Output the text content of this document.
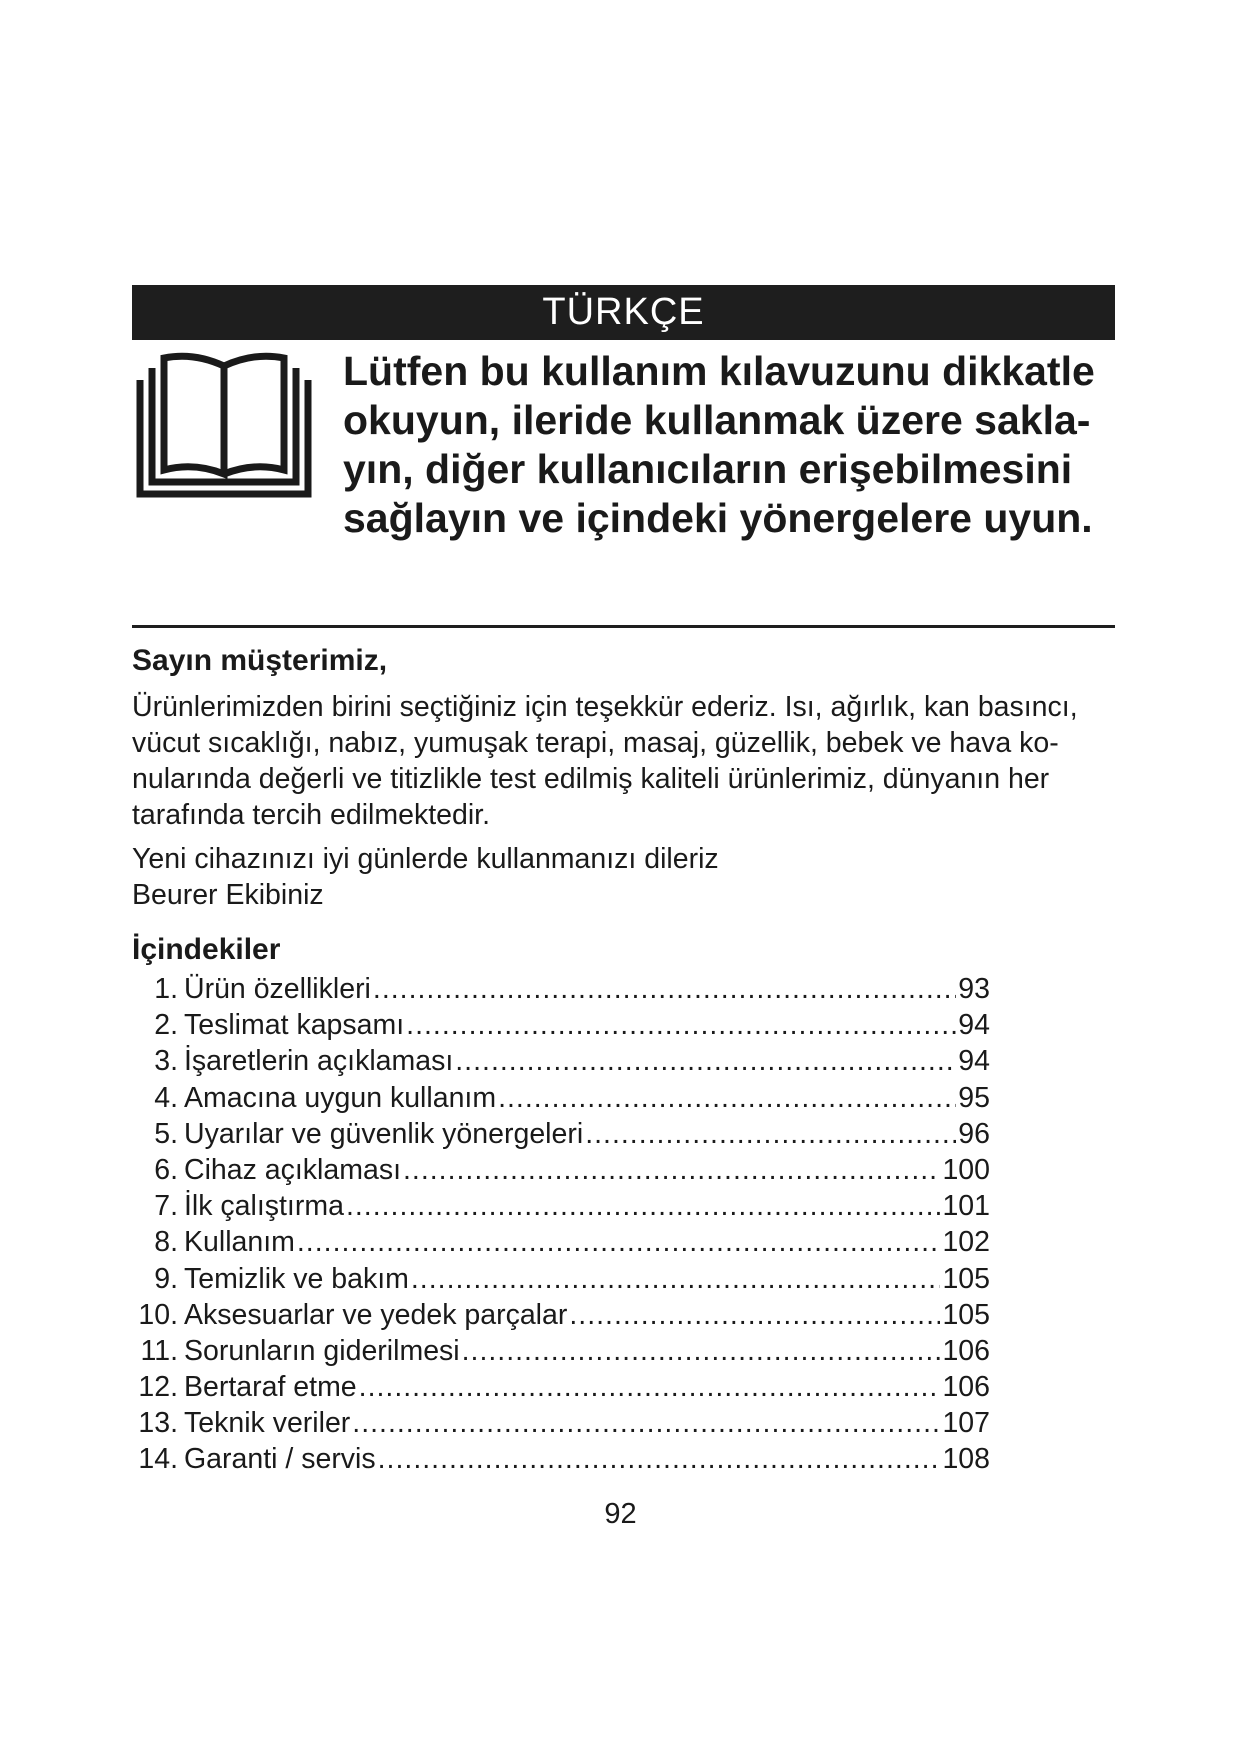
TÜRKÇE
Lütfen bu kullanım kılavuzunu dikkatle
okuyun, ileride kullanmak üzere sakla-
yın, diğer kullanıcıların erişebilmesini
sağlayın ve içindeki yönergelere uyun.
Sayın müşterimiz,
Ürünlerimizden birini seçtiğiniz için teşekkür ederiz. Isı, ağırlık, kan basıncı,
vücut sıcaklığı, nabız, yumuşak terapi, masaj, güzellik, bebek ve hava ko-
nularında değerli ve titizlikle test edilmiş kaliteli ürünlerimiz, dünyanın her
tarafında tercih edilmektedir.
Yeni cihazınızı iyi günlerde kullanmanızı dileriz
Beurer Ekibiniz
İçindekiler
1. Ürün özellikleri .....	93
2. Teslimat kapsamı .....	94
3. İşaretlerin açıklaması .....	94
4. Amacına uygun kullanım .....	95
5. Uyarılar ve güvenlik yönergeleri .....	96
6. Cihaz açıklaması .....	100
7. İlk çalıştırma .....	101
8. Kullanım .....	102
9. Temizlik ve bakım .....	105
10. Aksesuarlar ve yedek parçalar .....	105
11. Sorunların giderilmesi .....	106
12. Bertaraf etme .....	106
13. Teknik veriler .....	107
14. Garanti / servis .....	108

92
